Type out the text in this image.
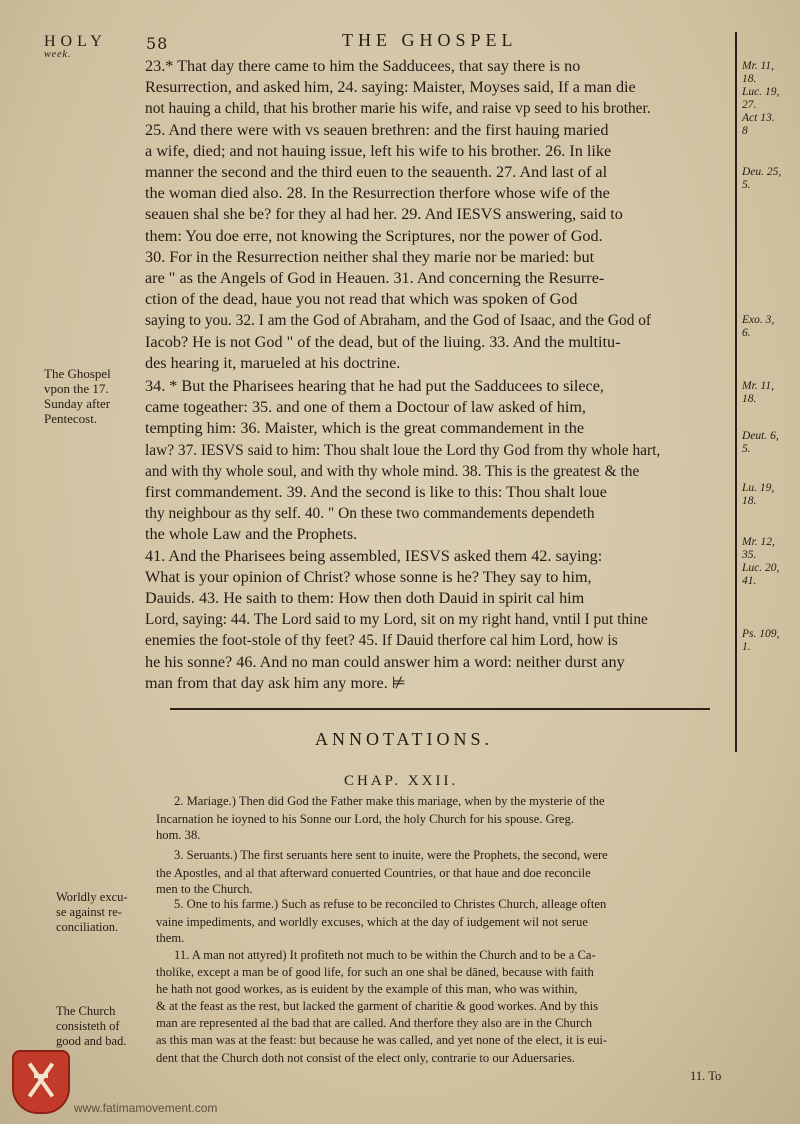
HOLY
week.
58	THE GHOSPEL
23.* That day there came to him the Sadducees, that say there is no
Resurrection, and asked him, 24. saying: Maister, Moyses said, If a man die
not hauing a child, that his brother marie his wife, and raise vp seed to his brother.
25. And there were with vs seauen brethren: and the first hauing maried
a wife, died; and not hauing issue, left his wife to his brother. 26. In like
manner the second and the third euen to the seauenth. 27. And last of al
the woman died also. 28. In the Resurrection therfore whose wife of the
seauen shal she be? for they al had her. 29. And IESVS answering, said to
them: You doe erre, not knowing the Scriptures, nor the power of God.
30. For in the Resurrection neither shal they marie nor be maried: but
are " as the Angels of God in Heauen. 31. And concerning the Resurre-
ction of the dead, haue you not read that which was spoken of God
saying to you. 32. I am the God of Abraham, and the God of Isaac, and the God of
Iacob? He is not God " of the dead, but of the liuing. 33. And the multitu-
des hearing it, marueled at his doctrine.
34. * But the Pharisees hearing that he had put the Sadducees to silece,
came togeather: 35. and one of them a Doctour of law asked of him,
tempting him: 36. Maister, which is the great commandement in the
law? 37. IESVS said to him: Thou shalt loue the Lord thy God from thy whole hart,
and with thy whole soul, and with thy whole mind. 38. This is the greatest & the
first commandement. 39. And the second is like to this: Thou shalt loue
thy neighbour as thy self. 40. " On these two commandements dependeth
the whole Law and the Prophets.
41. And the Pharisees being assembled, IESVS asked them 42. saying:
What is your opinion of Christ? whose sonne is he? They say to him,
Dauids. 43. He saith to them: How then doth Dauid in spirit cal him
Lord, saying: 44. The Lord said to my Lord, sit on my right hand, vntil I put thine
enemies the foot-stole of thy feet? 45. If Dauid therfore cal him Lord, how is
he his sonne? 46. And no man could answer him a word: neither durst any
man from that day ask him any more. ⊭
The Ghospel
vpon the 17.
Sunday after
Pentecost.
Mr. 11,
18.
Luc. 19,
27.
Act 13.
8
Deu. 25,
5.
Exo. 3,
6.
Mr. 11,
18.
Deut. 6,
5.
Lu. 19,
18.
Mr. 12,
35.
Luc. 20,
41.
Ps. 109,
1.
ANNOTATIONS.
CHAP. XXII.
2. Mariage.) Then did God the Father make this mariage, when by the mysterie of the
Incarnation he ioyned to his Sonne our Lord, the holy Church for his spouse. Greg.
hom. 38.
3. Seruants.) The first seruants here sent to inuite, were the Prophets, the second, were
the Apostles, and al that afterward conuerted Countries, or that haue and doe reconcile
men to the Church.
5. One to his farme.) Such as refuse to be reconciled to Christes Church, alleage often
vaine impediments, and worldly excuses, which at the day of iudgement wil not serue
them.
11. A man not attyred) It profiteth not much to be within the Church and to be a Ca-
tholike, except a man be of good life, for such an one shal be dāned, because with faith
he hath not good workes, as is euident by the example of this man, who was within,
& at the feast as the rest, but lacked the garment of charitie & good workes. And by this
man are represented al the bad that are called. And therfore they also are in the Church
as this man was at the feast: but because he was called, and yet none of the elect, it is eui-
dent that the Church doth not consist of the elect only, contrarie to our Aduersaries.
Worldly excu-
se against re-
conciliation.
The Church
consisteth of
good and bad.
11. To
www.fatimamovement.com
